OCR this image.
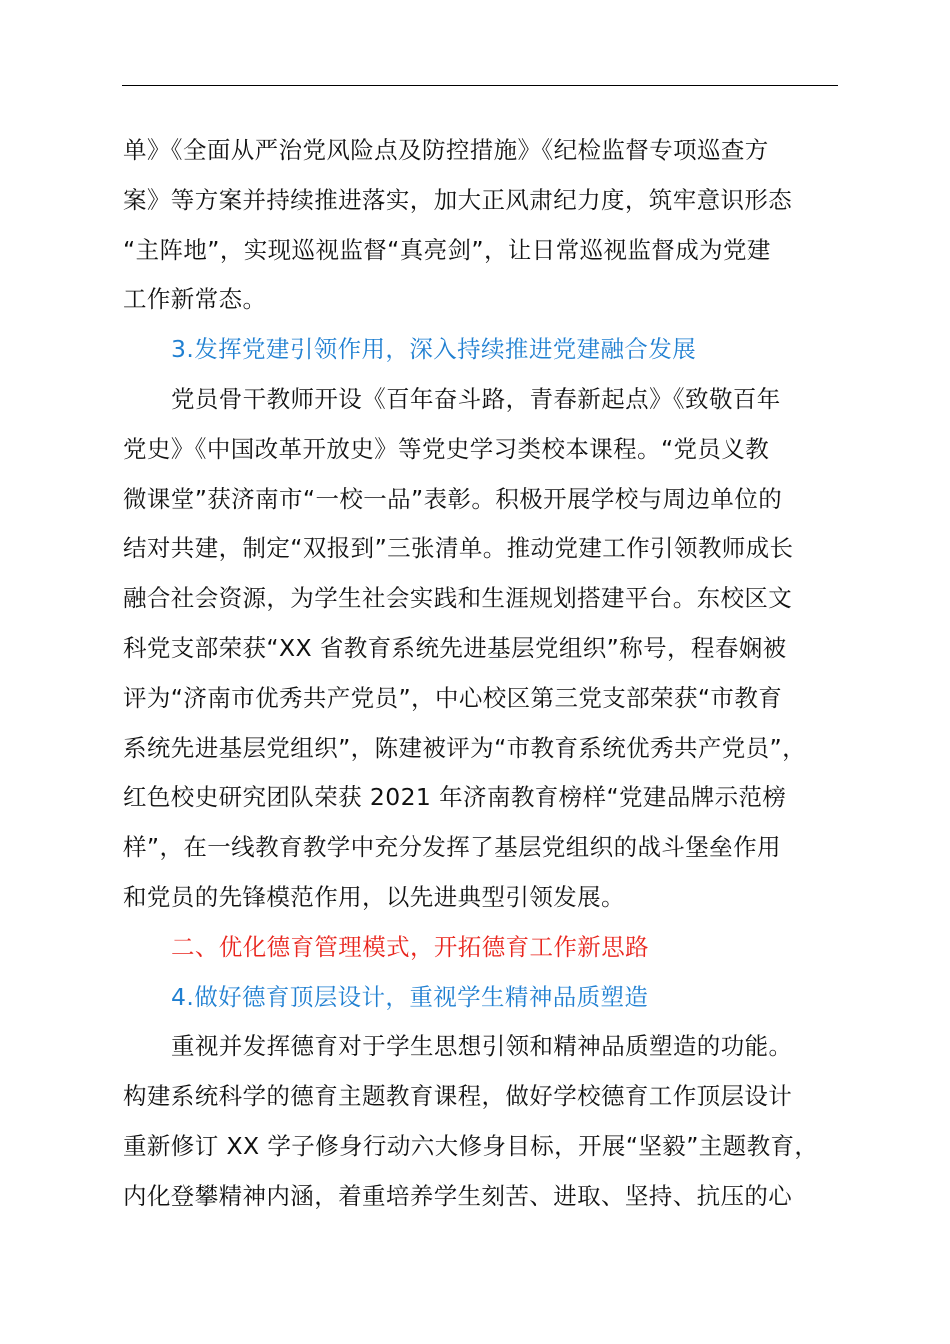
单》《全面从严治党风险点及防控措施》《纪检监督专项巡查方
案》等方案并持续推进落实，加大正风肃纪力度，筑牢意识形态
“主阵地”，实现巡视监督“真亮剑”，让日常巡视监督成为党建
工作新常态。
3.发挥党建引领作用，深入持续推进党建融合发展
党员骨干教师开设《百年奋斗路，青春新起点》《致敬百年
党史》《中国改革开放史》等党史学习类校本课程。“党员义教
微课堂”获济南市“一校一品”表彰。积极开展学校与周边单位的
结对共建，制定“双报到”三张清单。推动党建工作引领教师成长
融合社会资源，为学生社会实践和生涯规划搭建平台。东校区文
科党支部荣获“XX 省教育系统先进基层党组织”称号，程春娴被
评为“济南市优秀共产党员”，中心校区第三党支部荣获“市教育
系统先进基层党组织”，陈建被评为“市教育系统优秀共产党员”，
红色校史研究团队荣获 2021 年济南教育榜样“党建品牌示范榜
样”，在一线教育教学中充分发挥了基层党组织的战斗堡垒作用
和党员的先锋模范作用，以先进典型引领发展。
二、优化德育管理模式，开拓德育工作新思路
4.做好德育顶层设计，重视学生精神品质塑造
重视并发挥德育对于学生思想引领和精神品质塑造的功能。
构建系统科学的德育主题教育课程，做好学校德育工作顶层设计
重新修订 XX 学子修身行动六大修身目标，开展“坚毅”主题教育，
内化登攀精神内涵，着重培养学生刻苦、进取、坚持、抗压的心
